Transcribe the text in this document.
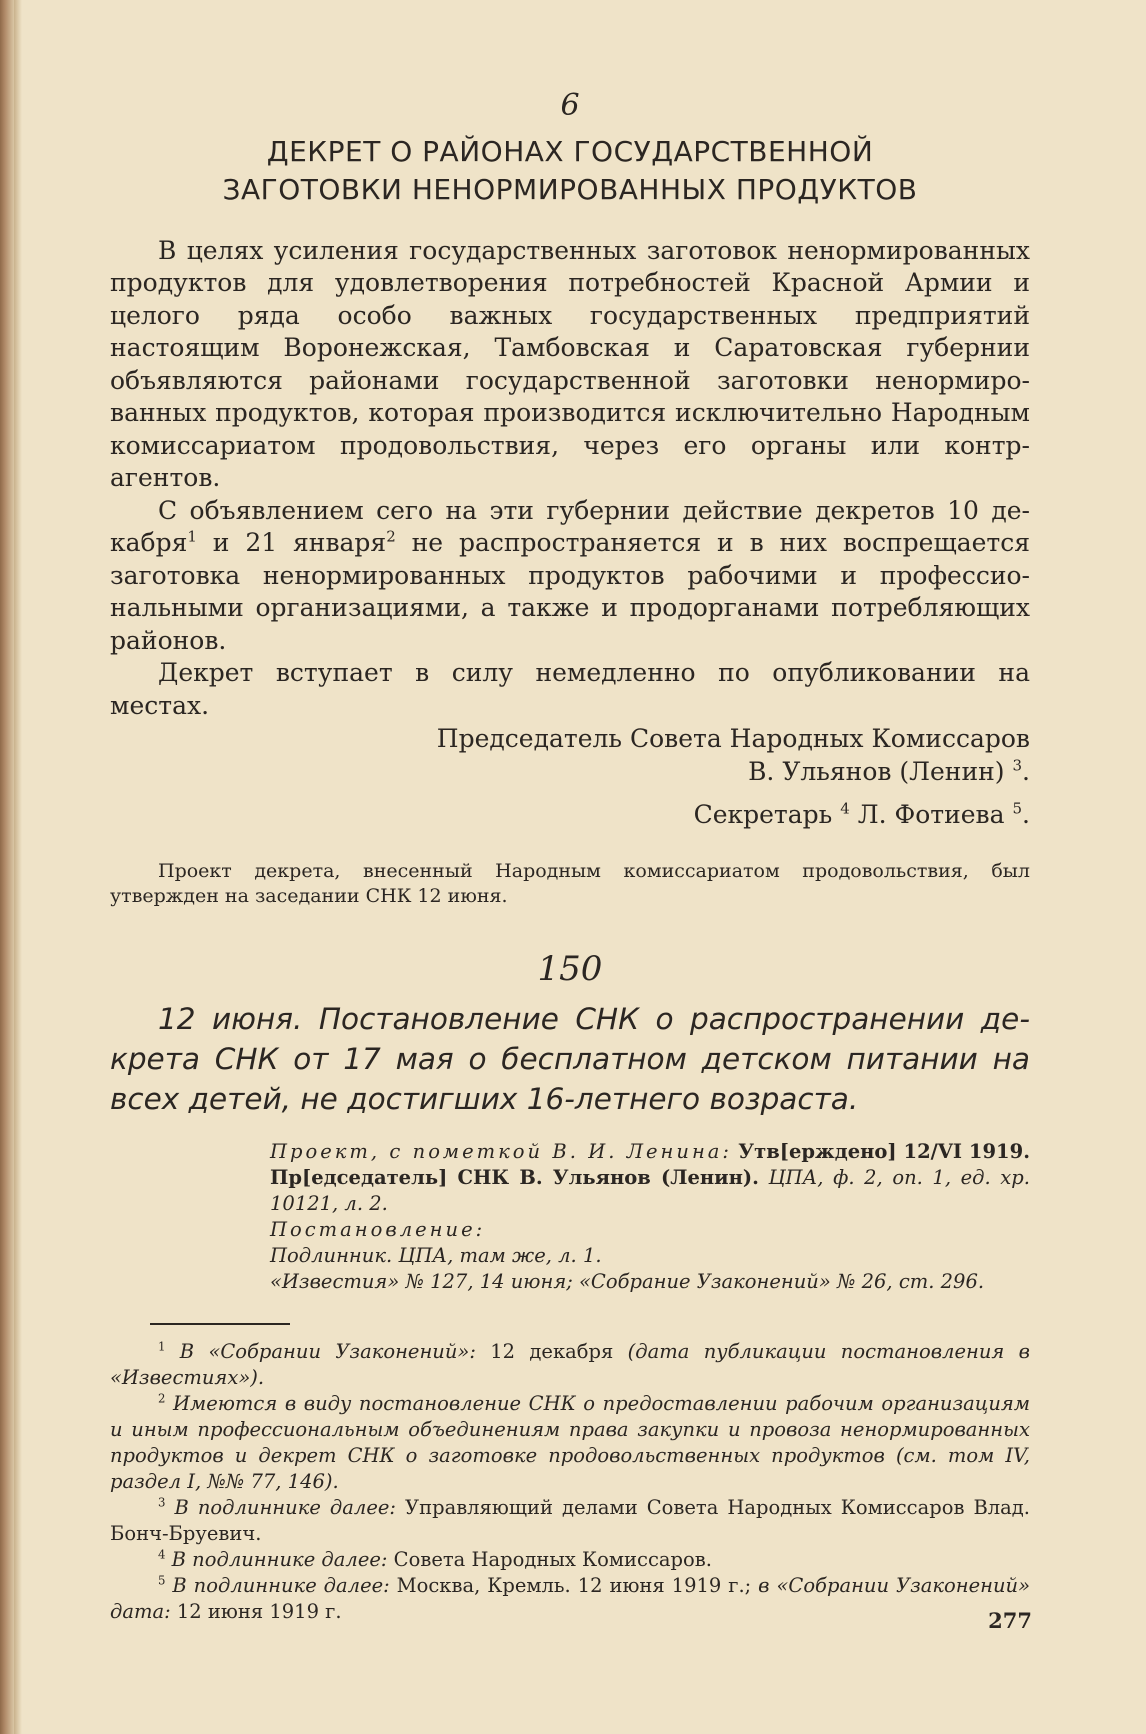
6
ДЕКРЕТ О РАЙОНАХ ГОСУДАРСТВЕННОЙ
ЗАГОТОВКИ НЕНОРМИРОВАННЫХ ПРОДУКТОВ

В целях усиления государственных заготовок ненормированных продуктов для удовлетворения потребностей Красной Армии и целого ряда особо важных государственных предприятий настоящим Воронежская, Тамбовская и Саратовская губернии объявляются районами государственной заготовки ненормированных продуктов, которая производится исключительно Народным комиссариатом продовольствия, через его органы или контрагентов.

С объявлением сего на эти губернии действие декретов 10 декабря$^1$ и 21 января$^2$ не распространяется и в них воспрещается заготовка ненормированных продуктов рабочими и профессиональными организациями, а также и продорганами потребляющих районов.

Декрет вступает в силу немедленно по опубликовании на местах.

Председатель Совета Народных Комиссаров

В. Ульянов (Ленин) $^3$.

Секретарь $^4$ Л. Фотиева $^5$.

Проект декрета, внесенный Народным комиссариатом продовольствия, был утвержден на заседании СНК 12 июня.

150

12 июня. Постановление СНК о распространении декрета СНК от 17 мая о бесплатном детском питании на всех детей, не достигших 16-летнего возраста.

Проект, с пометкой В. И. Ленина: Утв[ерждено] 12/VI 1919. Пр[едседатель] СНК В. Ульянов (Ленин). ЦПА, ф. 2, оп. 1, ед. хр. 10121, л. 2.

Постановление:

Подлинник. ЦПА, там же, л. 1.

«Известия» № 127, 14 июня; «Собрание Узаконений» № 26, ст. 296.

$^1$ В «Собрании Узаконений»: 12 декабря (дата публикации постановления в «Известиях»).

$^2$ Имеются в виду постановление СНК о предоставлении рабочим организациям и иным профессиональным объединениям права закупки и провоза ненормированных продуктов и декрет СНК о заготовке продовольственных продуктов (см. том IV, раздел I, №№ 77, 146).

$^3$ В подлиннике далее: Управляющий делами Совета Народных Комиссаров Влад. Бонч-Бруевич.

$^4$ В подлиннике далее: Совета Народных Комиссаров.

$^5$ В подлиннике далее: Москва, Кремль. 12 июня 1919 г.; в «Собрании Узаконений» дата: 12 июня 1919 г.	277
